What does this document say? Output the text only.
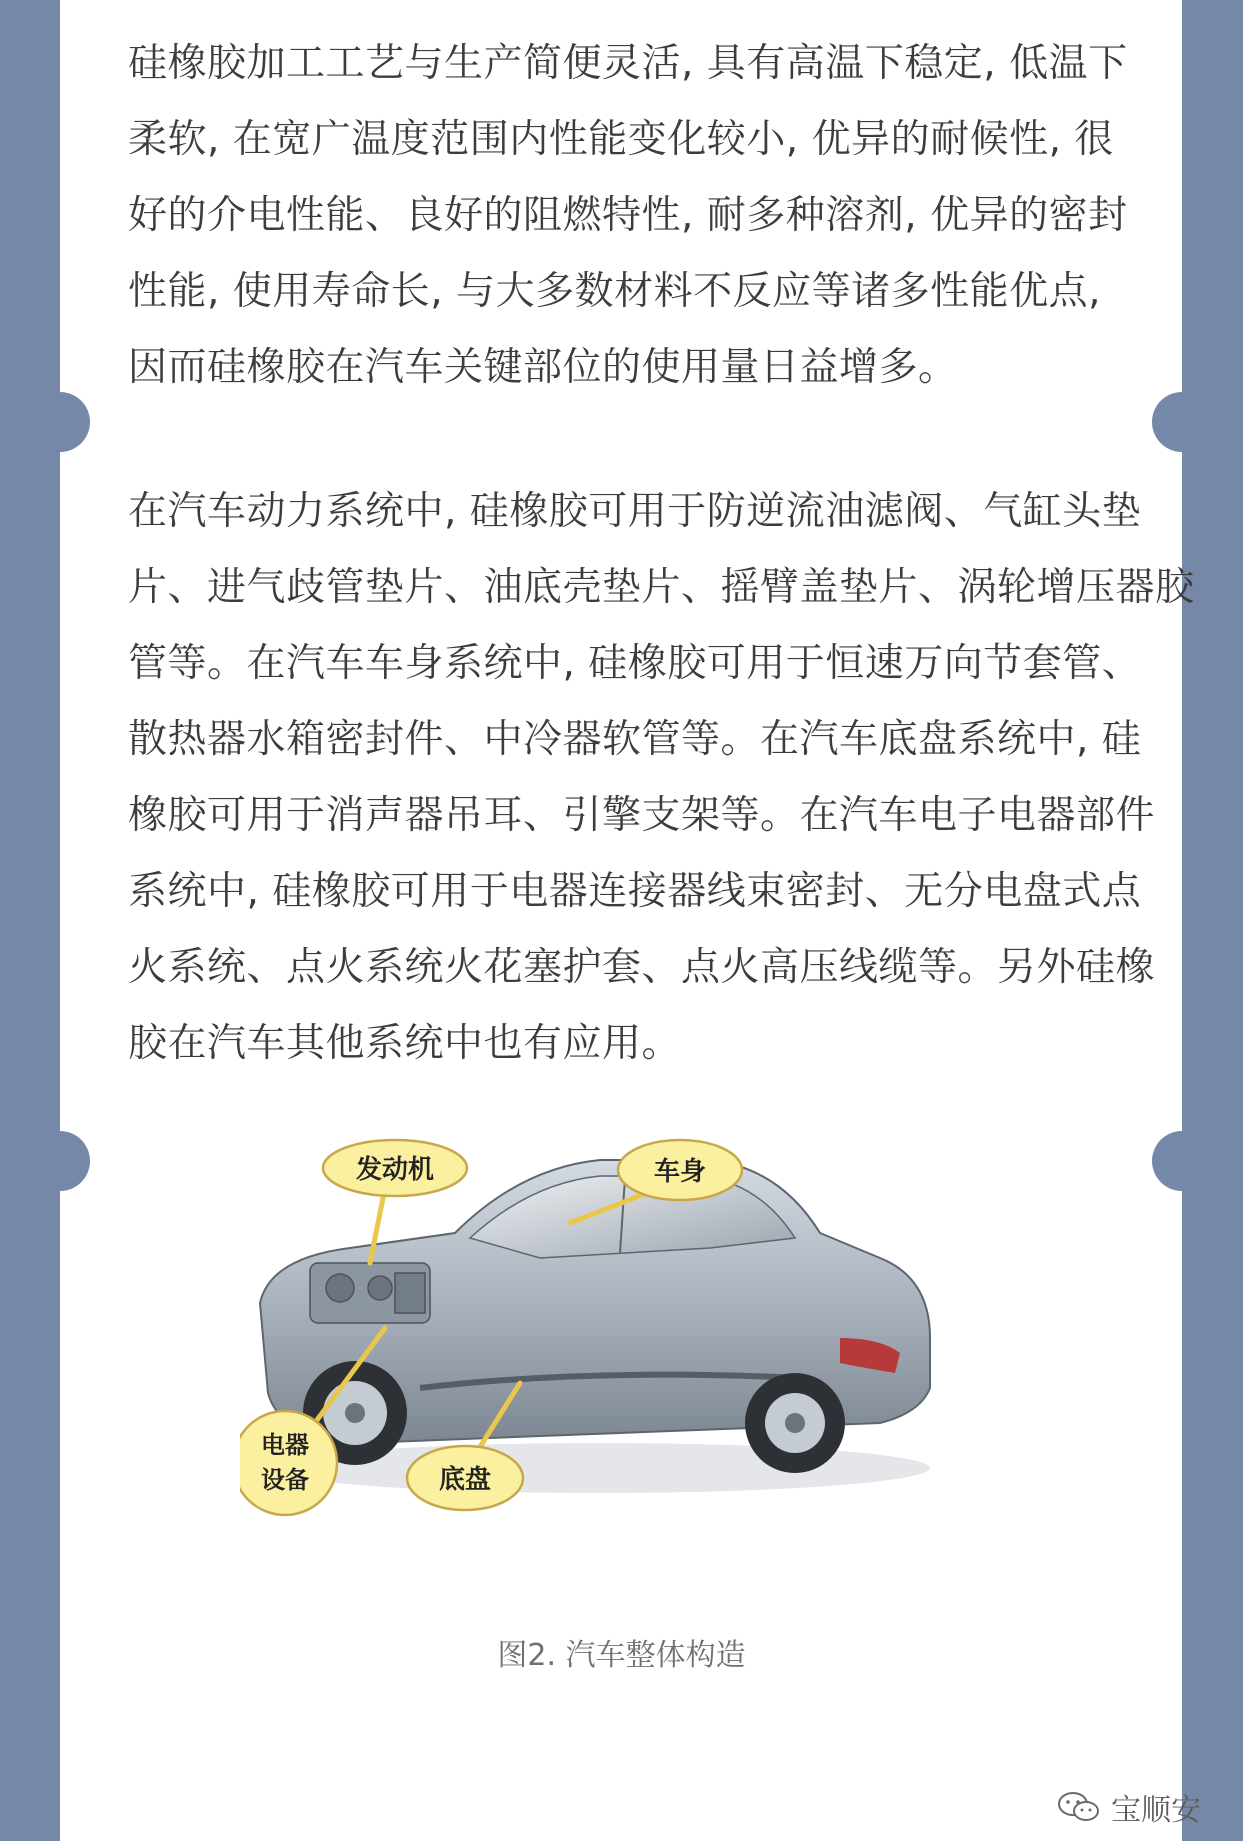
硅橡胶加工工艺与生产简便灵活, 具有高温下稳定, 低温下
柔软, 在宽广温度范围内性能变化较小, 优异的耐候性, 很
好的介电性能、良好的阻燃特性, 耐多种溶剂, 优异的密封
性能, 使用寿命长, 与大多数材料不反应等诸多性能优点,
因而硅橡胶在汽车关键部位的使用量日益增多。
在汽车动力系统中, 硅橡胶可用于防逆流油滤阀、气缸头垫
片、进气歧管垫片、油底壳垫片、摇臂盖垫片、涡轮增压器胶
管等。在汽车车身系统中, 硅橡胶可用于恒速万向节套管、
散热器水箱密封件、中冷器软管等。在汽车底盘系统中, 硅
橡胶可用于消声器吊耳、引擎支架等。在汽车电子电器部件
系统中, 硅橡胶可用于电器连接器线束密封、无分电盘式点
火系统、点火系统火花塞护套、点火高压线缆等。另外硅橡
胶在汽车其他系统中也有应用。
发动机	车身
电器
设备	底盘
图2. 汽车整体构造
宝顺安
